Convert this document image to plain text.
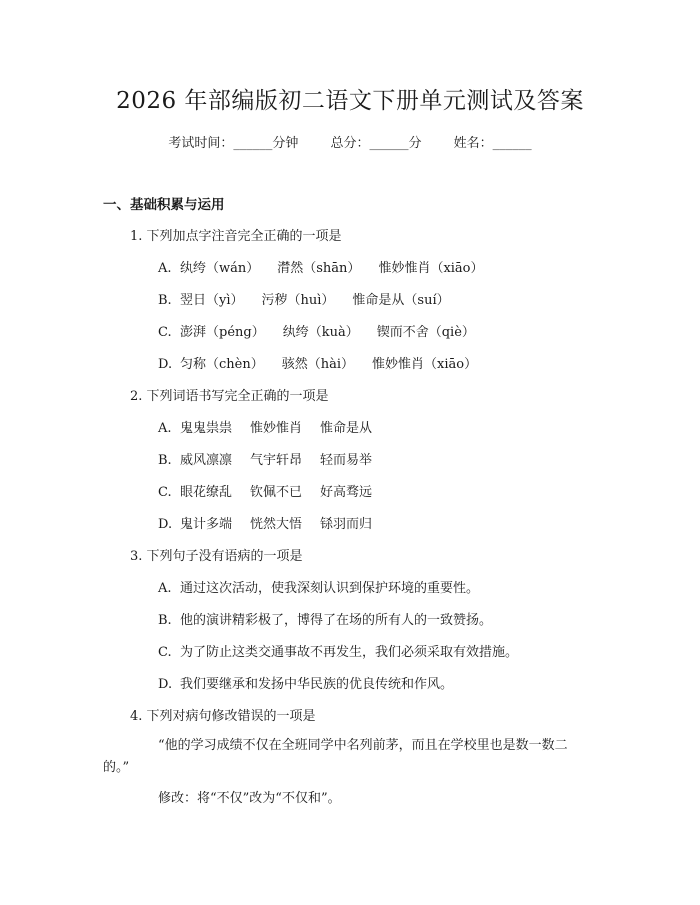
2026 年部编版初二语文下册单元测试及答案
考试时间：______分钟 总分：______分 姓名：______
一、基础积累与运用
1. 下列加点字注音完全正确的一项是
A. 纨绔（wán） 潸然（shān） 惟妙惟肖（xiāo）
B. 翌日（yì） 污秽（huì） 惟命是从（suí）
C. 澎湃（péng） 纨绔（kuà） 锲而不舍（qiè）
D. 匀称（chèn） 骇然（hài） 惟妙惟肖（xiāo）
2. 下列词语书写完全正确的一项是
A. 鬼鬼祟祟 惟妙惟肖 惟命是从
B. 威风凛凛 气宇轩昂 轻而易举
C. 眼花缭乱 钦佩不已 好高骛远
D. 鬼计多端 恍然大悟 铩羽而归
3. 下列句子没有语病的一项是
A. 通过这次活动，使我深刻认识到保护环境的重要性。
B. 他的演讲精彩极了，博得了在场的所有人的一致赞扬。
C. 为了防止这类交通事故不再发生，我们必须采取有效措施。
D. 我们要继承和发扬中华民族的优良传统和作风。
4. 下列对病句修改错误的一项是
“他的学习成绩不仅在全班同学中名列前茅，而且在学校里也是数一数二
的。”
修改：将“不仅”改为“不仅和”。
